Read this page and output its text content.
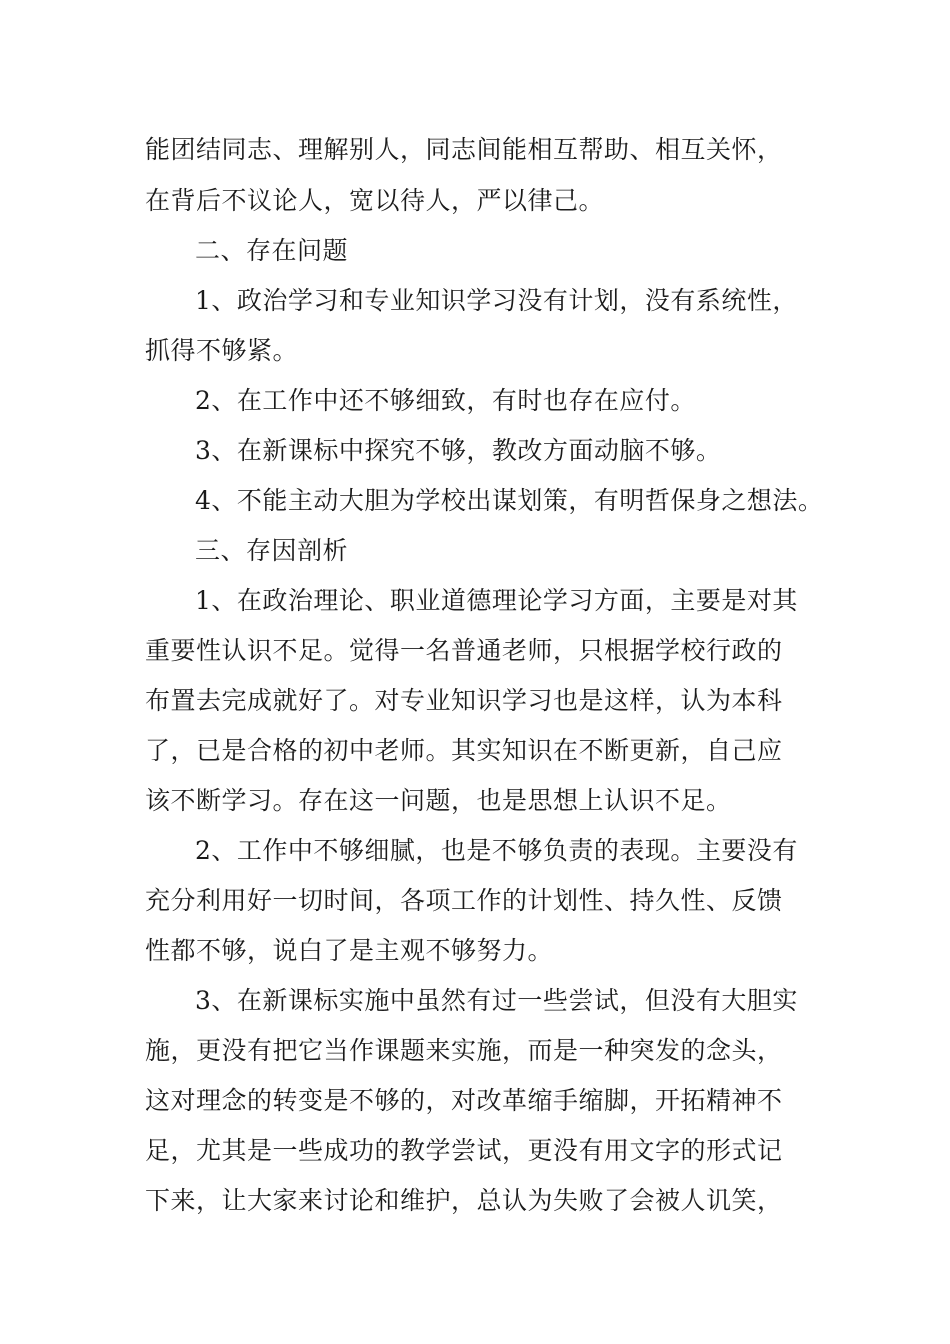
能团结同志、理解别人，同志间能相互帮助、相互关怀，
在背后不议论人，宽以待人，严以律己。
二、存在问题
1、政治学习和专业知识学习没有计划，没有系统性，
抓得不够紧。
2、在工作中还不够细致，有时也存在应付。
3、在新课标中探究不够，教改方面动脑不够。
4、不能主动大胆为学校出谋划策，有明哲保身之想法。
三、存因剖析
1、在政治理论、职业道德理论学习方面，主要是对其
重要性认识不足。觉得一名普通老师，只根据学校行政的
布置去完成就好了。对专业知识学习也是这样，认为本科
了，已是合格的初中老师。其实知识在不断更新，自己应
该不断学习。存在这一问题，也是思想上认识不足。
2、工作中不够细腻，也是不够负责的表现。主要没有
充分利用好一切时间，各项工作的计划性、持久性、反馈
性都不够，说白了是主观不够努力。
3、在新课标实施中虽然有过一些尝试，但没有大胆实
施，更没有把它当作课题来实施，而是一种突发的念头，
这对理念的转变是不够的，对改革缩手缩脚，开拓精神不
足，尤其是一些成功的教学尝试，更没有用文字的形式记
下来，让大家来讨论和维护，总认为失败了会被人讥笑，
